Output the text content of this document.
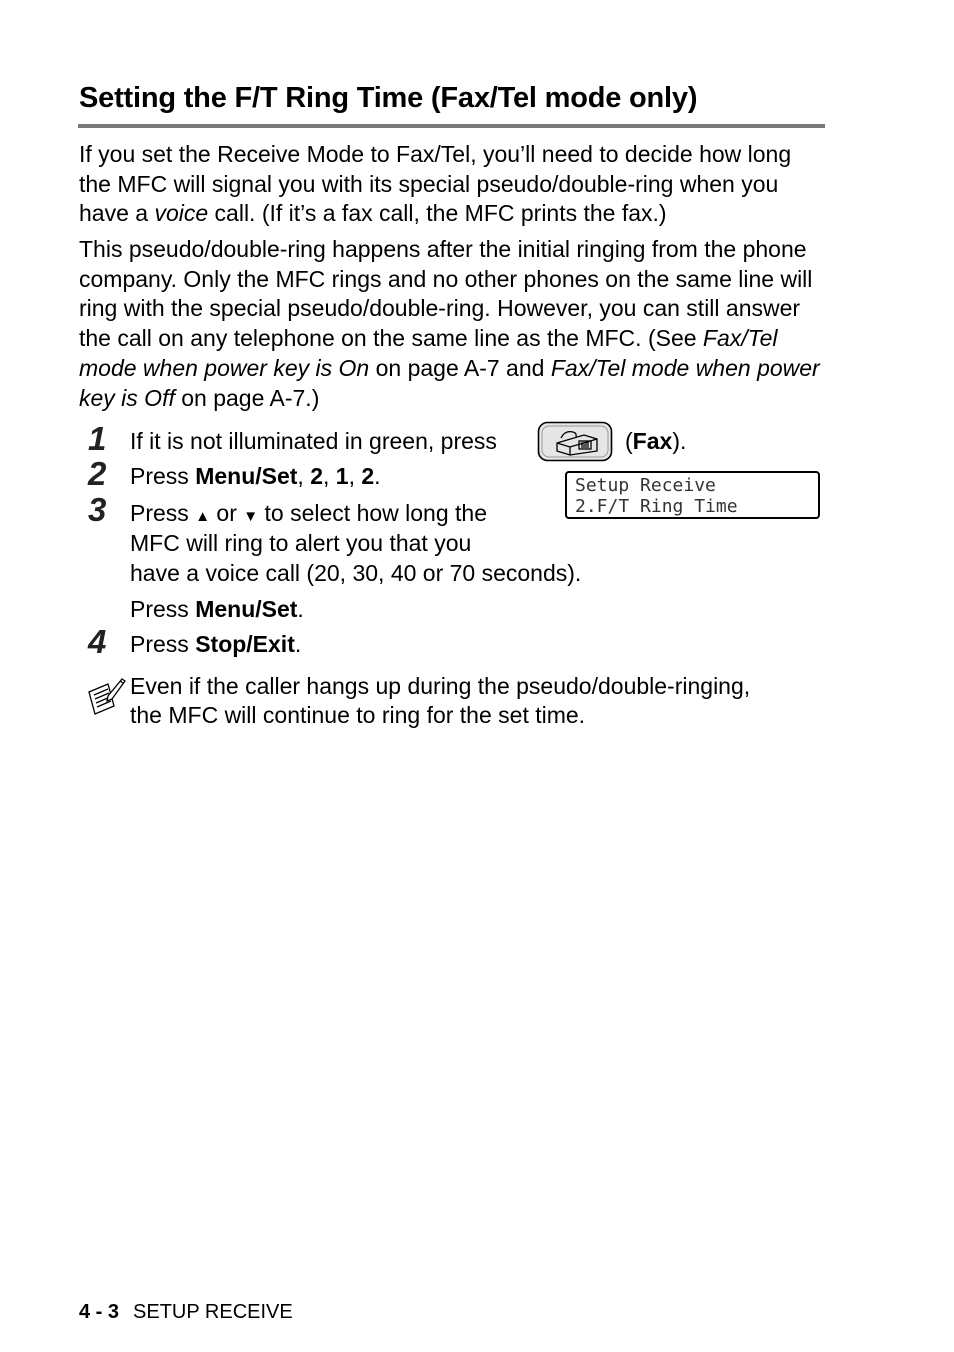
Setting the F/T Ring Time (Fax/Tel mode only)

If you set the Receive Mode to Fax/Tel, you’ll need to decide how long the MFC will signal you with its special pseudo/double-ring when you have a voice call. (If it’s a fax call, the MFC prints the fax.)

This pseudo/double-ring happens after the initial ringing from the phone company. Only the MFC rings and no other phones on the same line will ring with the special pseudo/double-ring. However, you can still answer the call on any telephone on the same line as the MFC. (See Fax/Tel mode when power key is On on page A-7 and Fax/Tel mode when power key is Off on page A-7.)

1 If it is not illuminated in green, press	(Fax).

2 Press Menu/Set, 2, 1, 2.	Setup Receive
2.F/T Ring Time
3 Press ▲ or ▼ to select how long the

MFC will ring to alert you that you

have a voice call (20, 30, 40 or 70 seconds).

Press Menu/Set.

4 Press Stop/Exit.

Even if the caller hangs up during the pseudo/double-ringing,

the MFC will continue to ring for the set time.

4 - 3 SETUP RECEIVE
